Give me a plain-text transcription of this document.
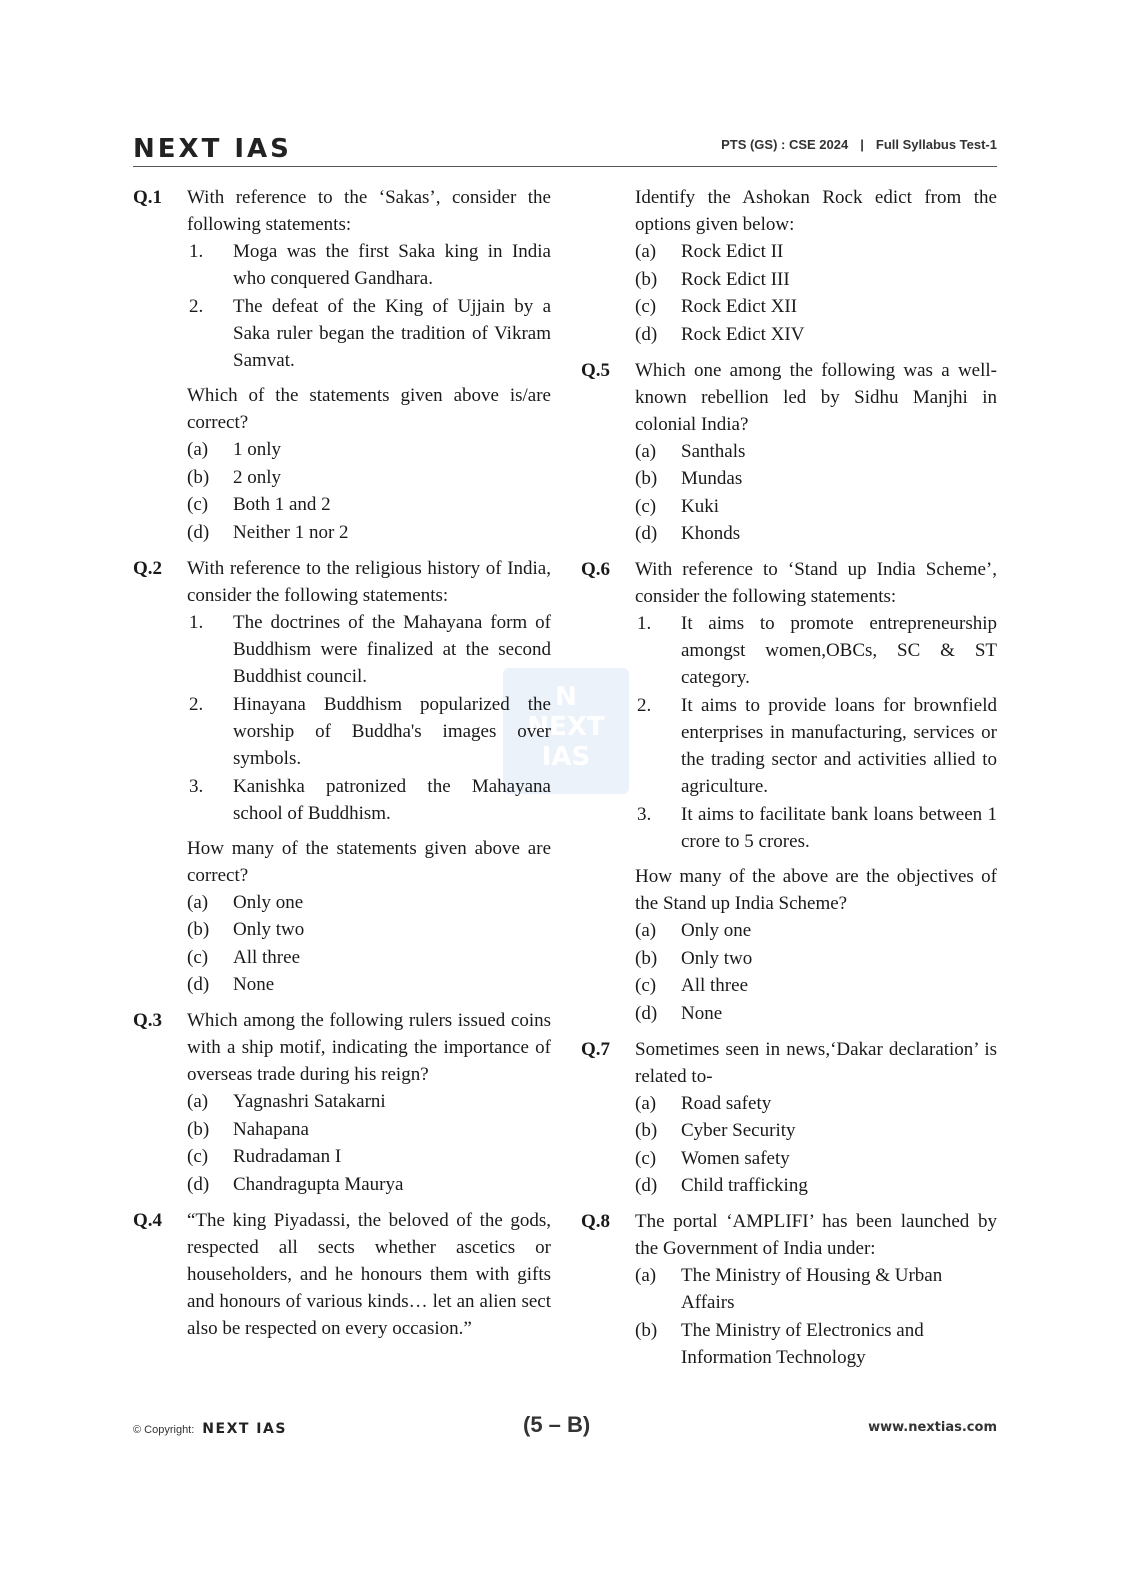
NEXT IAS	PTS (GS) : CSE 2024 | Full Syllabus Test-1
N
NEXT
IAS
Q.1 With reference to the ‘Sakas’, consider the following statements:
1. Moga was the first Saka king in India who conquered Gandhara.
2. The defeat of the King of Ujjain by a Saka ruler began the tradition of Vikram Samvat.
Which of the statements given above is/are correct?
(a) 1 only
(b) 2 only
(c) Both 1 and 2
(d) Neither 1 nor 2
Q.2 With reference to the religious history of India, consider the following statements:
1. The doctrines of the Mahayana form of Buddhism were finalized at the second Buddhist council.
2. Hinayana Buddhism popularized the worship of Buddha's images over symbols.
3. Kanishka patronized the Mahayana school of Buddhism.
How many of the statements given above are correct?
(a) Only one
(b) Only two
(c) All three
(d) None
Q.3 Which among the following rulers issued coins with a ship motif, indicating the importance of overseas trade during his reign?
(a) Yagnashri Satakarni
(b) Nahapana
(c) Rudradaman I
(d) Chandragupta Maurya
Q.4 “The king Piyadassi, the beloved of the gods, respected all sects whether ascetics or householders, and he honours them with gifts and honours of various kinds… let an alien sect also be respected on every occasion.”
Identify the Ashokan Rock edict from the options given below:
(a) Rock Edict II
(b) Rock Edict III
(c) Rock Edict XII
(d) Rock Edict XIV
Q.5 Which one among the following was a well-known rebellion led by Sidhu Manjhi in colonial India?
(a) Santhals
(b) Mundas
(c) Kuki
(d) Khonds
Q.6 With reference to ‘Stand up India Scheme’, consider the following statements:
1. It aims to promote entrepreneurship amongst women,OBCs, SC & ST category.
2. It aims to provide loans for brownfield enterprises in manufacturing, services or the trading sector and activities allied to agriculture.
3. It aims to facilitate bank loans between 1 crore to 5 crores.
How many of the above are the objectives of the Stand up India Scheme?
(a) Only one
(b) Only two
(c) All three
(d) None
Q.7 Sometimes seen in news,‘Dakar declaration’ is related to-
(a) Road safety
(b) Cyber Security
(c) Women safety
(d) Child trafficking
Q.8 The portal ‘AMPLIFI’ has been launched by the Government of India under:
(a) The Ministry of Housing & Urban Affairs
(b) The Ministry of Electronics and Information Technology
© Copyright: NEXT IAS	(5 – B)	www.nextias.com
